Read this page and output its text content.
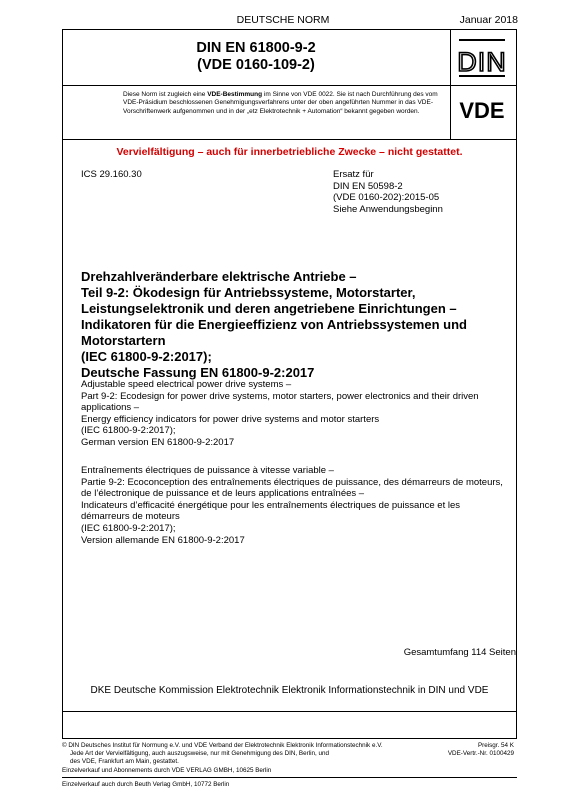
DEUTSCHE NORM	Januar 2018
DIN EN 61800-9-2
(VDE 0160-109-2)	DIN
VDE
Diese Norm ist zugleich eine VDE-Bestimmung im Sinne von VDE 0022. Sie ist nach Durchführung des vom VDE-Präsidium beschlossenen Genehmigungsverfahrens unter der oben angeführten Nummer in das VDE-Vorschriftenwerk aufgenommen und in der „etz Elektrotechnik + Automation“ bekannt gegeben worden.
Vervielfältigung – auch für innerbetriebliche Zwecke – nicht gestattet.
ICS 29.160.30	Ersatz für
DIN EN 50598-2
(VDE 0160-202):2015-05
Siehe Anwendungsbeginn
Drehzahlveränderbare elektrische Antriebe –
Teil 9-2: Ökodesign für Antriebssysteme, Motorstarter,
Leistungselektronik und deren angetriebene Einrichtungen –
Indikatoren für die Energieeffizienz von Antriebssystemen und
Motorstartern
(IEC 61800-9-2:2017);
Deutsche Fassung EN 61800-9-2:2017
Adjustable speed electrical power drive systems –
Part 9-2: Ecodesign for power drive systems, motor starters, power electronics and their driven applications –
Energy efficiency indicators for power drive systems and motor starters
(IEC 61800-9-2:2017);
German version EN 61800-9-2:2017
Entraînements électriques de puissance à vitesse variable –
Partie 9-2: Ecoconception des entraînements électriques de puissance, des démarreurs de moteurs, de l’électronique de puissance et de leurs applications entraînées –
Indicateurs d’efficacité énergétique pour les entraînements électriques de puissance et les démarreurs de moteurs
(IEC 61800-9-2:2017);
Version allemande EN 61800-9-2:2017
Gesamtumfang 114 Seiten
DKE Deutsche Kommission Elektrotechnik Elektronik Informationstechnik in DIN und VDE
© DIN Deutsches Institut für Normung e.V. und VDE Verband der Elektrotechnik Elektronik Informationstechnik e.V.
Jede Art der Vervielfältigung, auch auszugsweise, nur mit Genehmigung des DIN, Berlin, und
des VDE, Frankfurt am Main, gestattet.
Preisgr. 54 K
VDE-Vertr.-Nr. 0100429
Einzelverkauf und Abonnements durch VDE VERLAG GMBH, 10625 Berlin
Einzelverkauf auch durch Beuth Verlag GmbH, 10772 Berlin
